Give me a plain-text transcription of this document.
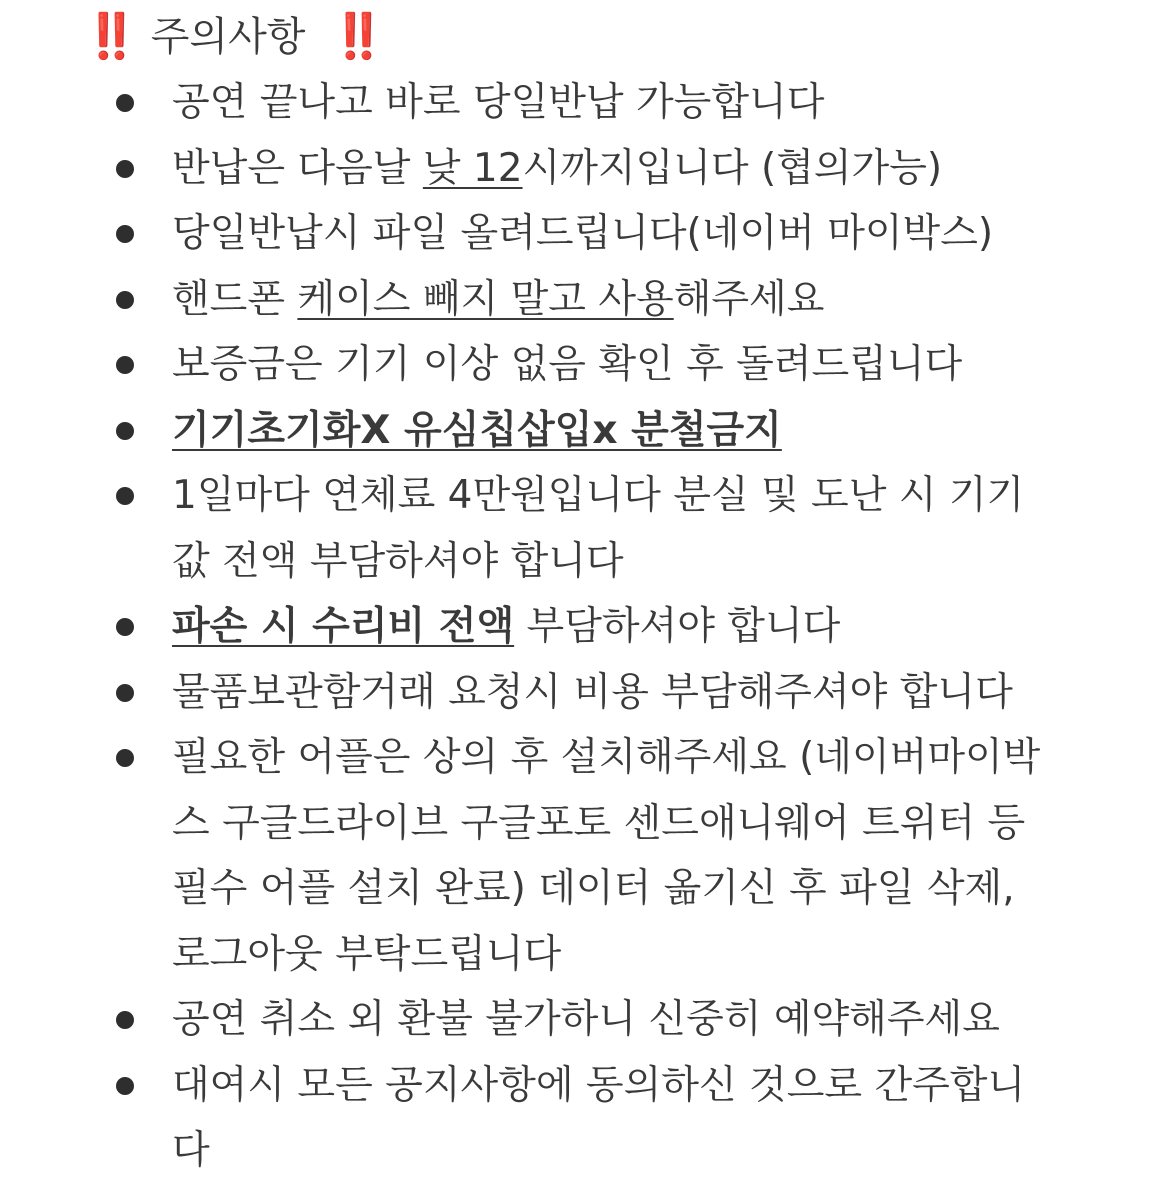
‼️ 주의사항 ‼️
공연 끝나고 바로 당일반납 가능합니다
반납은 다음날 낮 12시까지입니다 (협의가능)
당일반납시 파일 올려드립니다(네이버 마이박스)
핸드폰 케이스 빼지 말고 사용해주세요
보증금은 기기 이상 없음 확인 후 돌려드립니다
기기초기화X 유심칩삽입x 분철금지
1일마다 연체료 4만원입니다 분실 및 도난 시 기기
값 전액 부담하셔야 합니다
파손 시 수리비 전액 부담하셔야 합니다
물품보관함거래 요청시 비용 부담해주셔야 합니다
필요한 어플은 상의 후 설치해주세요 (네이버마이박
스 구글드라이브 구글포토 센드애니웨어 트위터 등
필수 어플 설치 완료) 데이터 옮기신 후 파일 삭제,
로그아웃 부탁드립니다
공연 취소 외 환불 불가하니 신중히 예약해주세요
대여시 모든 공지사항에 동의하신 것으로 간주합니
다
